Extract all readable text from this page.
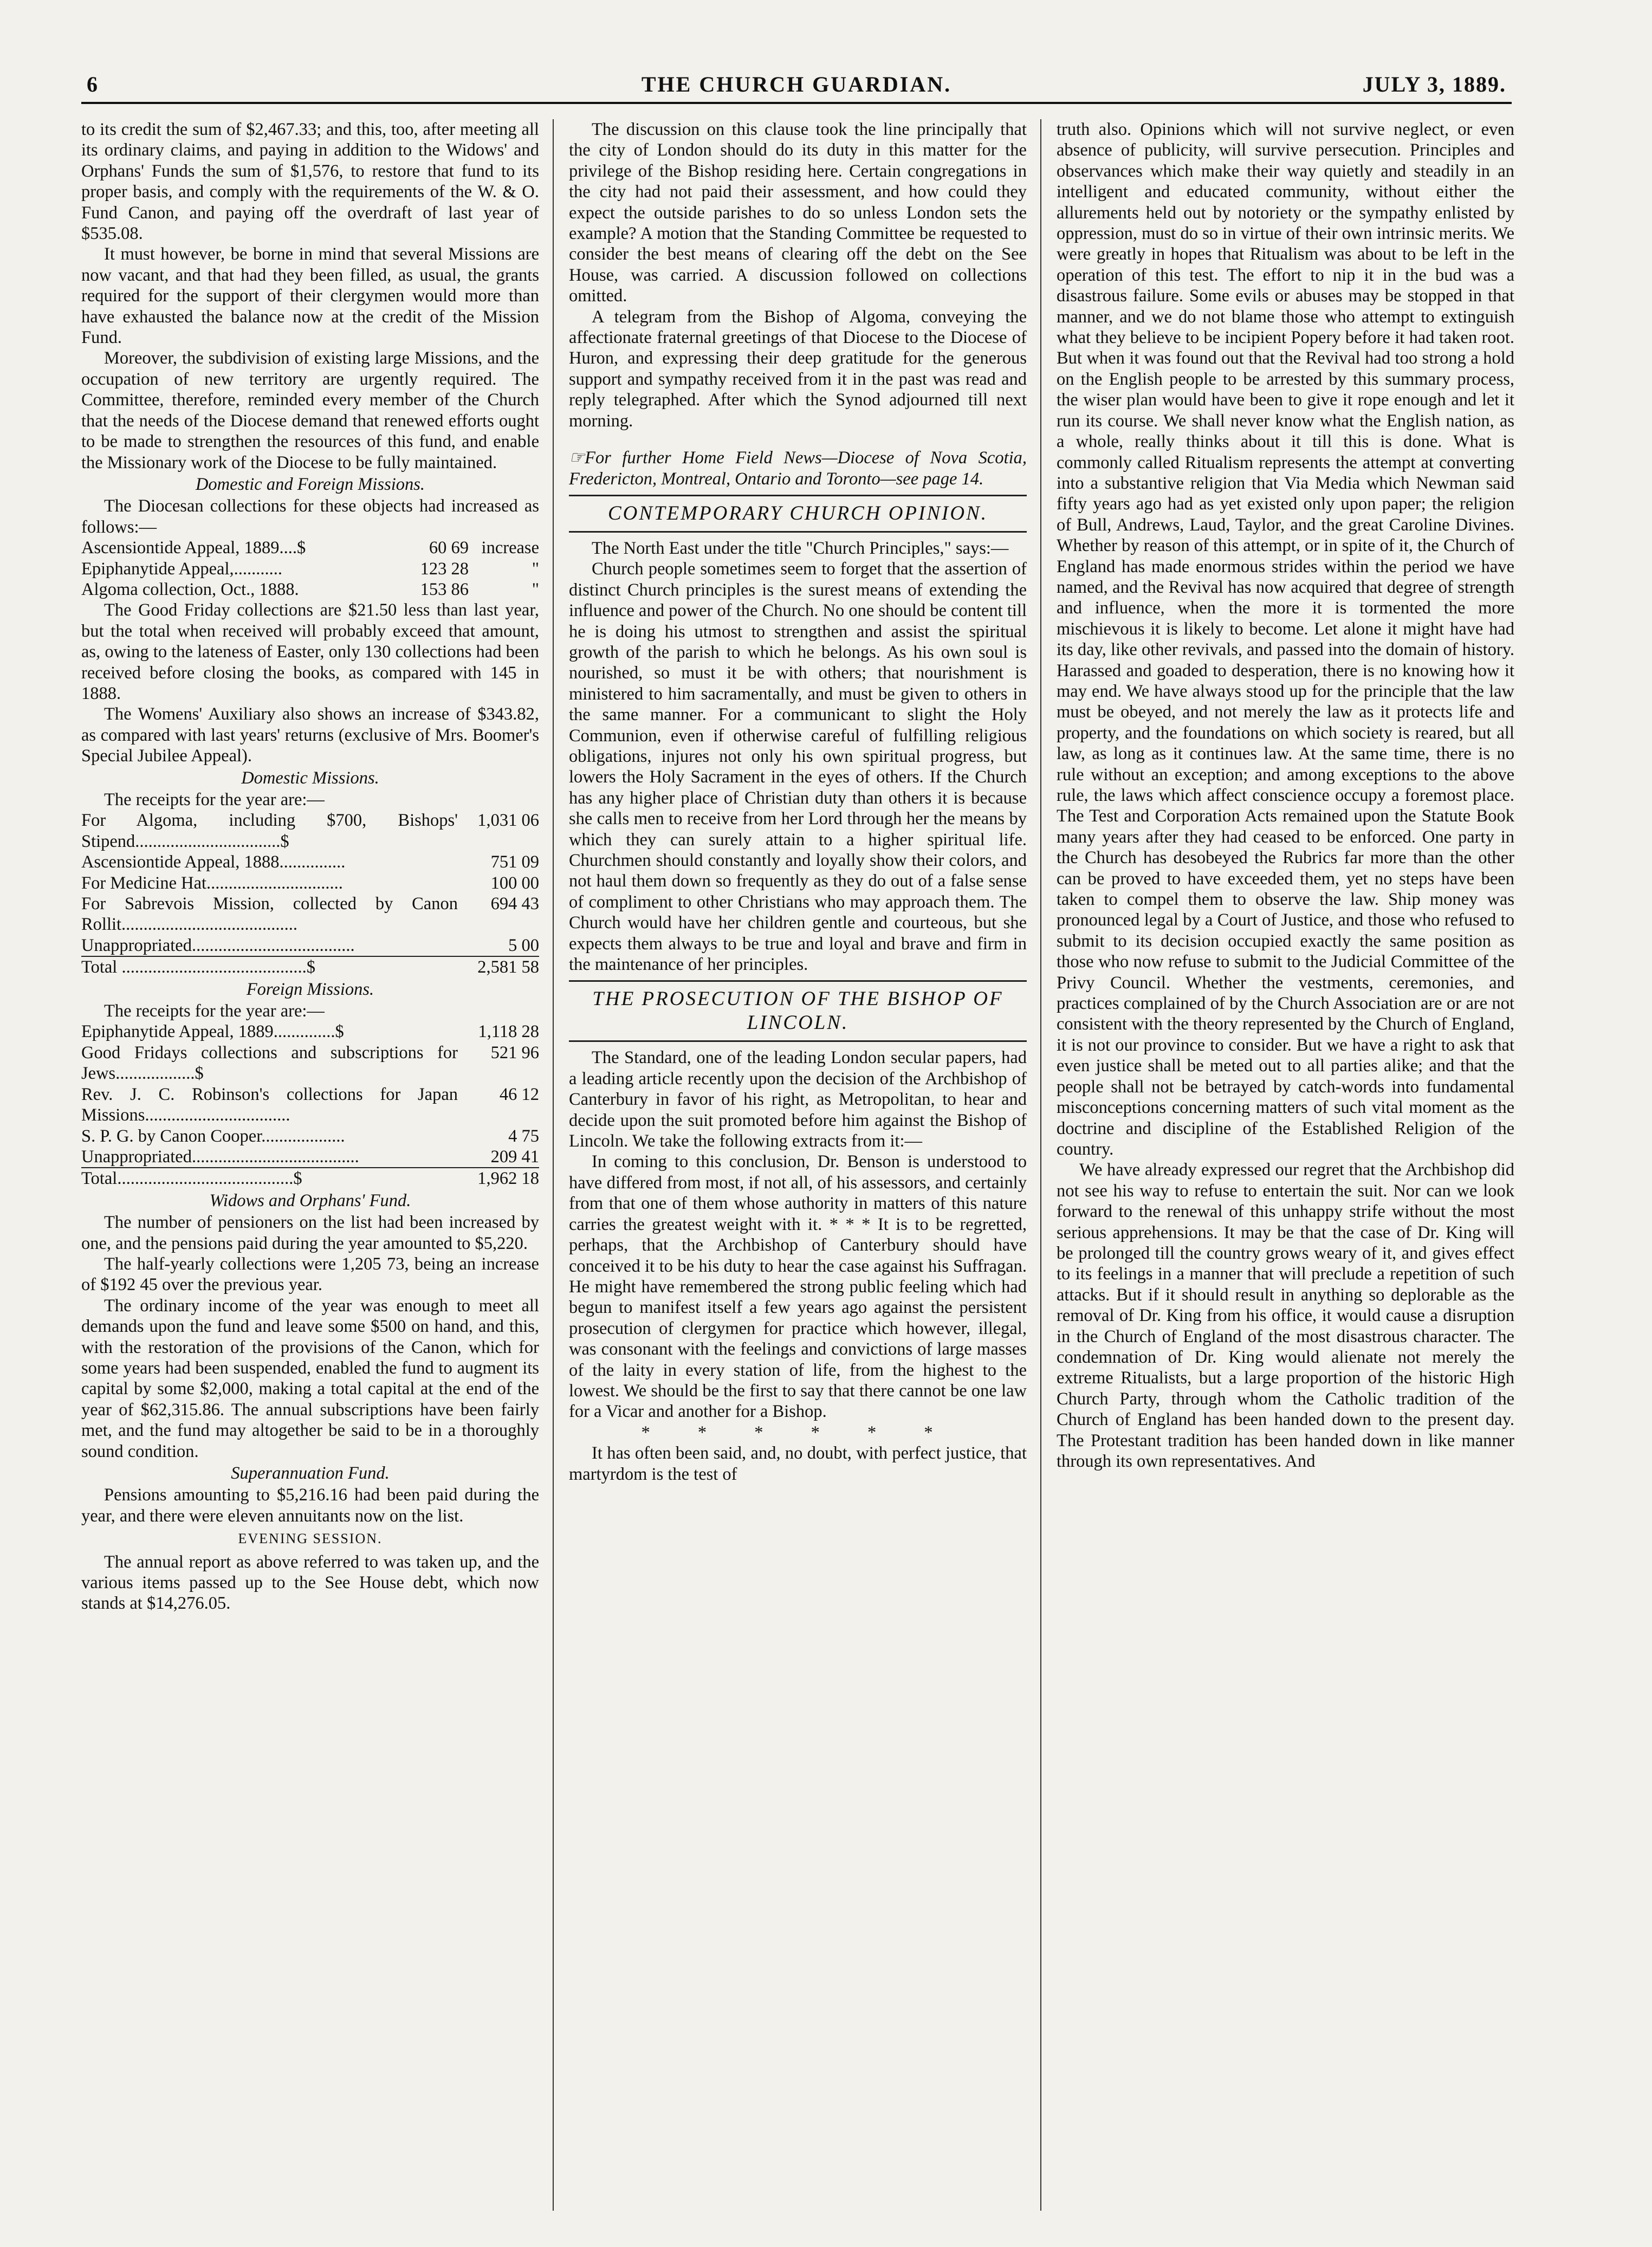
6	THE CHURCH GUARDIAN.	JULY 3, 1889.

to its credit the sum of $2,467.33; and this, too, after meeting all its ordinary claims, and paying in addition to the Widows' and Orphans' Funds the sum of $1,576, to restore that fund to its proper basis, and comply with the requirements of the W. & O. Fund Canon, and paying off the overdraft of last year of $535.08.

It must however, be borne in mind that several Missions are now vacant, and that had they been filled, as usual, the grants required for the support of their clergymen would more than have exhausted the balance now at the credit of the Mission Fund.

Moreover, the subdivision of existing large Missions, and the occupation of new territory are urgently required. The Committee, therefore, reminded every member of the Church that the needs of the Diocese demand that renewed efforts ought to be made to strengthen the resources of this fund, and enable the Missionary work of the Diocese to be fully maintained.

Domestic and Foreign Missions.

The Diocesan collections for these objects had increased as follows:—

Ascensiontide Appeal, 1889....$	60 69	increase
Epiphanytide Appeal,...........	123 28	"
Algoma collection, Oct., 1888.	153 86	"

The Good Friday collections are $21.50 less than last year, but the total when received will probably exceed that amount, as, owing to the lateness of Easter, only 130 collections had been received before closing the books, as compared with 145 in 1888.

The Womens' Auxiliary also shows an increase of $343.82, as compared with last years' returns (exclusive of Mrs. Boomer's Special Jubilee Appeal).

Domestic Missions.

The receipts for the year are:—

For Algoma, including $700, Bishops' Stipend.................................$	1,031 06
Ascensiontide Appeal, 1888...............	751 09
For Medicine Hat...............................	100 00
For Sabrevois Mission, collected by Canon Rollit........................................	694 43
Unappropriated.....................................	5 00
Total ..........................................$	2,581 58
Foreign Missions.

The receipts for the year are:—

Epiphanytide Appeal, 1889..............$	1,118 28
Good Fridays collections and subscriptions for Jews..................$	521 96
Rev. J. C. Robinson's collections for Japan Missions.................................	46 12
S. P. G. by Canon Cooper...................	4 75
Unappropriated......................................	209 41
Total........................................$	1,962 18
Widows and Orphans' Fund.

The number of pensioners on the list had been increased by one, and the pensions paid during the year amounted to $5,220.

The half-yearly collections were 1,205 73, being an increase of $192 45 over the previous year.

The ordinary income of the year was enough to meet all demands upon the fund and leave some $500 on hand, and this, with the restoration of the provisions of the Canon, which for some years had been suspended, enabled the fund to augment its capital by some $2,000, making a total capital at the end of the year of $62,315.86. The annual subscriptions have been fairly met, and the fund may altogether be said to be in a thoroughly sound condition.

Superannuation Fund.

Pensions amounting to $5,216.16 had been paid during the year, and there were eleven annuitants now on the list.

EVENING SESSION.

The annual report as above referred to was taken up, and the various items passed up to the See House debt, which now stands at $14,276.05.

The discussion on this clause took the line principally that the city of London should do its duty in this matter for the privilege of the Bishop residing here. Certain congregations in the city had not paid their assessment, and how could they expect the outside parishes to do so unless London sets the example? A motion that the Standing Committee be requested to consider the best means of clearing off the debt on the See House, was carried. A discussion followed on collections omitted.

A telegram from the Bishop of Algoma, conveying the affectionate fraternal greetings of that Diocese to the Diocese of Huron, and expressing their deep gratitude for the generous support and sympathy received from it in the past was read and reply telegraphed. After which the Synod adjourned till next morning.

☞For further Home Field News—Diocese of Nova Scotia, Fredericton, Montreal, Ontario and Toronto—see page 14.

CONTEMPORARY CHURCH OPINION.

The North East under the title "Church Principles," says:—

Church people sometimes seem to forget that the assertion of distinct Church principles is the surest means of extending the influence and power of the Church. No one should be content till he is doing his utmost to strengthen and assist the spiritual growth of the parish to which he belongs. As his own soul is nourished, so must it be with others; that nourishment is ministered to him sacramentally, and must be given to others in the same manner. For a communicant to slight the Holy Communion, even if otherwise careful of fulfilling religious obligations, injures not only his own spiritual progress, but lowers the Holy Sacrament in the eyes of others. If the Church has any higher place of Christian duty than others it is because she calls men to receive from her Lord through her the means by which they can surely attain to a higher spiritual life. Churchmen should constantly and loyally show their colors, and not haul them down so frequently as they do out of a false sense of compliment to other Christians who may approach them. The Church would have her children gentle and courteous, but she expects them always to be true and loyal and brave and firm in the maintenance of her principles.

THE PROSECUTION OF THE BISHOP OF LINCOLN.

The Standard, one of the leading London secular papers, had a leading article recently upon the decision of the Archbishop of Canterbury in favor of his right, as Metropolitan, to hear and decide upon the suit promoted before him against the Bishop of Lincoln. We take the following extracts from it:—

In coming to this conclusion, Dr. Benson is understood to have differed from most, if not all, of his assessors, and certainly from that one of them whose authority in matters of this nature carries the greatest weight with it. * * * It is to be regretted, perhaps, that the Archbishop of Canterbury should have conceived it to be his duty to hear the case against his Suffragan. He might have remembered the strong public feeling which had begun to manifest itself a few years ago against the persistent prosecution of clergymen for practice which however, illegal, was consonant with the feelings and convictions of large masses of the laity in every station of life, from the highest to the lowest. We should be the first to say that there cannot be one law for a Vicar and another for a Bishop.

* * * * * *

It has often been said, and, no doubt, with perfect justice, that martyrdom is the test of

truth also. Opinions which will not survive neglect, or even absence of publicity, will survive persecution. Principles and observances which make their way quietly and steadily in an intelligent and educated community, without either the allurements held out by notoriety or the sympathy enlisted by oppression, must do so in virtue of their own intrinsic merits. We were greatly in hopes that Ritualism was about to be left in the operation of this test. The effort to nip it in the bud was a disastrous failure. Some evils or abuses may be stopped in that manner, and we do not blame those who attempt to extinguish what they believe to be incipient Popery before it had taken root. But when it was found out that the Revival had too strong a hold on the English people to be arrested by this summary process, the wiser plan would have been to give it rope enough and let it run its course. We shall never know what the English nation, as a whole, really thinks about it till this is done. What is commonly called Ritualism represents the attempt at converting into a substantive religion that Via Media which Newman said fifty years ago had as yet existed only upon paper; the religion of Bull, Andrews, Laud, Taylor, and the great Caroline Divines. Whether by reason of this attempt, or in spite of it, the Church of England has made enormous strides within the period we have named, and the Revival has now acquired that degree of strength and influence, when the more it is tormented the more mischievous it is likely to become. Let alone it might have had its day, like other revivals, and passed into the domain of history. Harassed and goaded to desperation, there is no knowing how it may end. We have always stood up for the principle that the law must be obeyed, and not merely the law as it protects life and property, and the foundations on which society is reared, but all law, as long as it continues law. At the same time, there is no rule without an exception; and among exceptions to the above rule, the laws which affect conscience occupy a foremost place. The Test and Corporation Acts remained upon the Statute Book many years after they had ceased to be enforced. One party in the Church has desobeyed the Rubrics far more than the other can be proved to have exceeded them, yet no steps have been taken to compel them to observe the law. Ship money was pronounced legal by a Court of Justice, and those who refused to submit to its decision occupied exactly the same position as those who now refuse to submit to the Judicial Committee of the Privy Council. Whether the vestments, ceremonies, and practices complained of by the Church Association are or are not consistent with the theory represented by the Church of England, it is not our province to consider. But we have a right to ask that even justice shall be meted out to all parties alike; and that the people shall not be betrayed by catch-words into fundamental misconceptions concerning matters of such vital moment as the doctrine and discipline of the Established Religion of the country.

We have already expressed our regret that the Archbishop did not see his way to refuse to entertain the suit. Nor can we look forward to the renewal of this unhappy strife without the most serious apprehensions. It may be that the case of Dr. King will be prolonged till the country grows weary of it, and gives effect to its feelings in a manner that will preclude a repetition of such attacks. But if it should result in anything so deplorable as the removal of Dr. King from his office, it would cause a disruption in the Church of England of the most disastrous character. The condemnation of Dr. King would alienate not merely the extreme Ritualists, but a large proportion of the historic High Church Party, through whom the Catholic tradition of the Church of England has been handed down to the present day. The Protestant tradition has been handed down in like manner through its own representatives. And
